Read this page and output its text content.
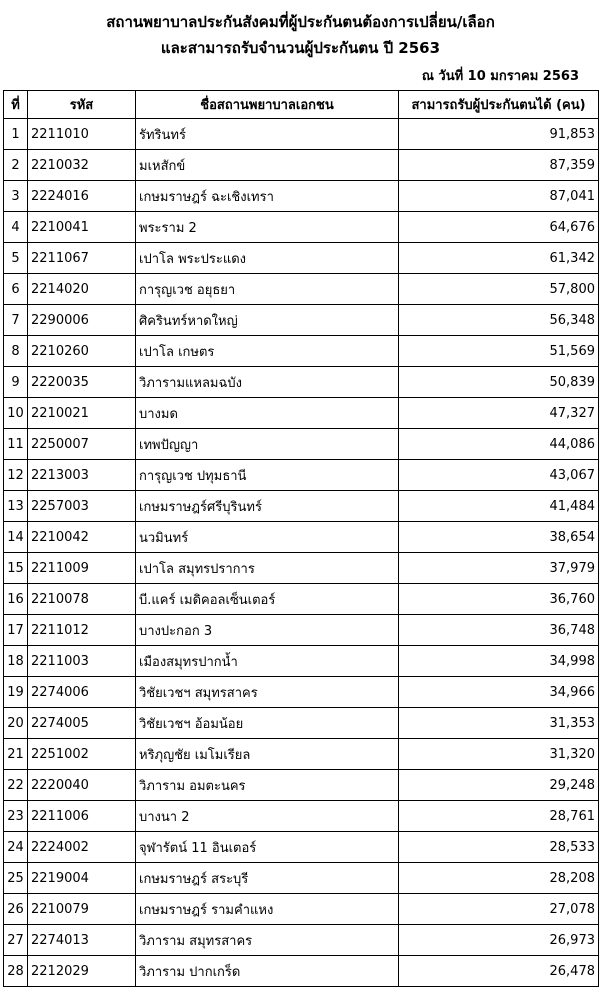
สถานพยาบาลประกันสังคมที่ผู้ประกันตนต้องการเปลี่ยน/เลือก
และสามารถรับจำนวนผู้ประกันตน ปี 2563
ณ วันที่ 10 มกราคม 2563
ที่	รหัส	ชื่อสถานพยาบาลเอกชน	สามารถรับผู้ประกันตนได้ (คน)
1	2211010	รัทรินทร์	91,853
2	2210032	มเหสักข์	87,359
3	2224016	เกษมราษฎร์ ฉะเชิงเทรา	87,041
4	2210041	พระราม 2	64,676
5	2211067	เปาโล พระประแดง	61,342
6	2214020	การุญเวช อยุธยา	57,800
7	2290006	ศิครินทร์หาดใหญ่	56,348
8	2210260	เปาโล เกษตร	51,569
9	2220035	วิภารามแหลมฉบัง	50,839
10	2210021	บางมด	47,327
11	2250007	เทพปัญญา	44,086
12	2213003	การุญเวช ปทุมธานี	43,067
13	2257003	เกษมราษฎร์ศรีบุรินทร์	41,484
14	2210042	นวมินทร์	38,654
15	2211009	เปาโล สมุทรปราการ	37,979
16	2210078	บี.แคร์ เมดิคอลเซ็นเตอร์	36,760
17	2211012	บางปะกอก 3	36,748
18	2211003	เมืองสมุทรปากน้ำ	34,998
19	2274006	วิชัยเวชฯ สมุทรสาคร	34,966
20	2274005	วิชัยเวชฯ อ้อมน้อย	31,353
21	2251002	หริภุญชัย เมโมเรียล	31,320
22	2220040	วิภาราม อมตะนคร	29,248
23	2211006	บางนา 2	28,761
24	2224002	จุฬารัตน์ 11 อินเตอร์	28,533
25	2219004	เกษมราษฎร์ สระบุรี	28,208
26	2210079	เกษมราษฎร์ รามคำแหง	27,078
27	2274013	วิภาราม สมุทรสาคร	26,973
28	2212029	วิภาราม ปากเกร็ด	26,478
